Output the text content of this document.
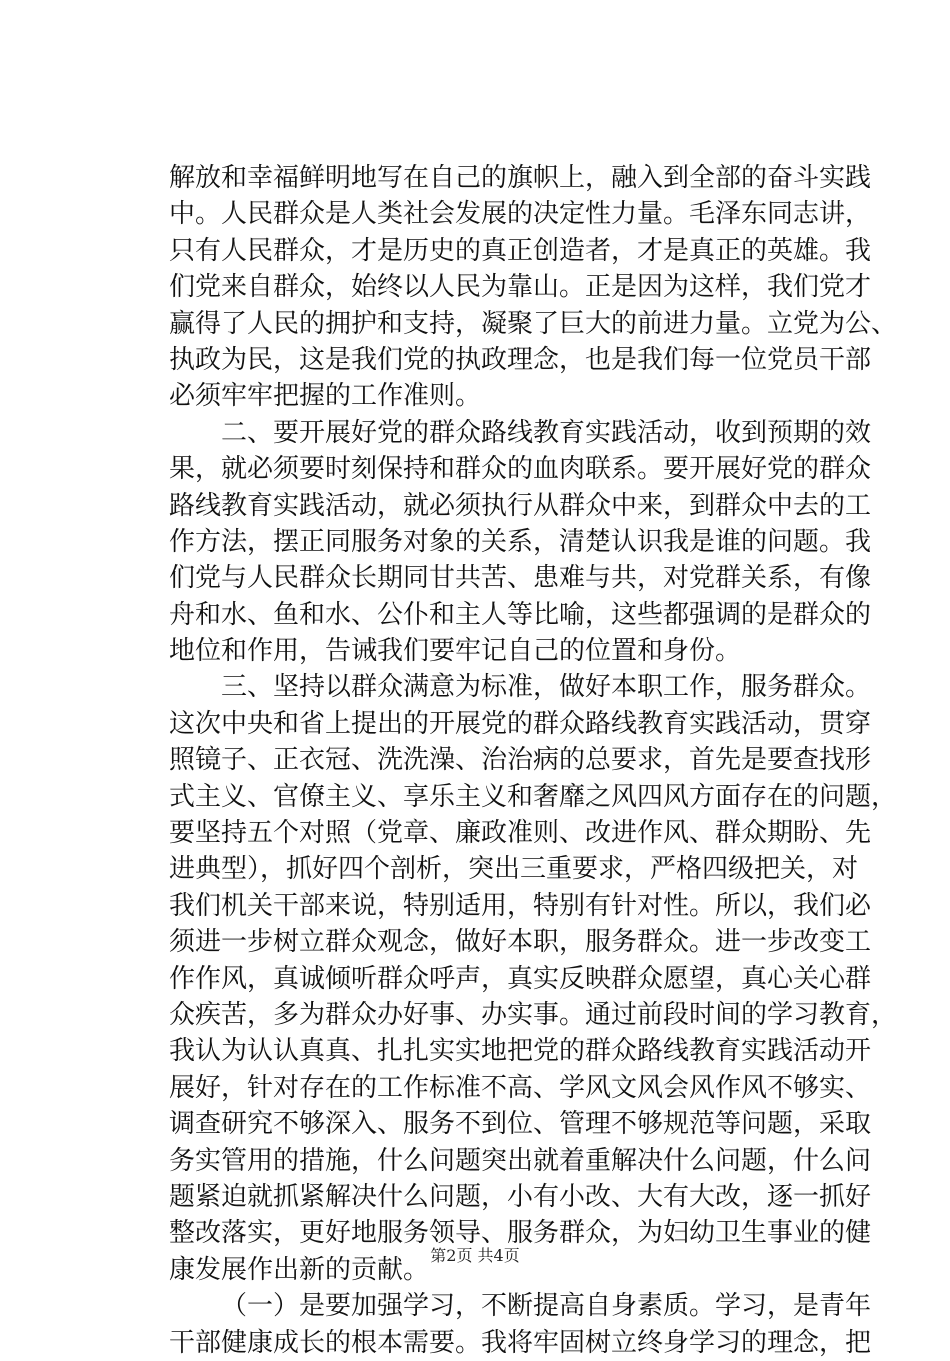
解放和幸福鲜明地写在自己的旗帜上，融入到全部的奋斗实践
中。人民群众是人类社会发展的决定性力量。毛泽东同志讲，
只有人民群众，才是历史的真正创造者，才是真正的英雄。我
们党来自群众，始终以人民为靠山。正是因为这样，我们党才
赢得了人民的拥护和支持，凝聚了巨大的前进力量。立党为公、
执政为民，这是我们党的执政理念，也是我们每一位党员干部
必须牢牢把握的工作准则。
二、要开展好党的群众路线教育实践活动，收到预期的效
果，就必须要时刻保持和群众的血肉联系。要开展好党的群众
路线教育实践活动，就必须执行从群众中来，到群众中去的工
作方法，摆正同服务对象的关系，清楚认识我是谁的问题。我
们党与人民群众长期同甘共苦、患难与共，对党群关系，有像
舟和水、鱼和水、公仆和主人等比喻，这些都强调的是群众的
地位和作用，告诫我们要牢记自己的位置和身份。
三、坚持以群众满意为标准，做好本职工作，服务群众。
这次中央和省上提出的开展党的群众路线教育实践活动，贯穿
照镜子、正衣冠、洗洗澡、治治病的总要求，首先是要查找形
式主义、官僚主义、享乐主义和奢靡之风四风方面存在的问题，
要坚持五个对照（党章、廉政准则、改进作风、群众期盼、先
进典型），抓好四个剖析，突出三重要求，严格四级把关，对
我们机关干部来说，特别适用，特别有针对性。所以，我们必
须进一步树立群众观念，做好本职，服务群众。进一步改变工
作作风，真诚倾听群众呼声，真实反映群众愿望，真心关心群
众疾苦，多为群众办好事、办实事。通过前段时间的学习教育，
我认为认认真真、扎扎实实地把党的群众路线教育实践活动开
展好，针对存在的工作标准不高、学风文风会风作风不够实、
调查研究不够深入、服务不到位、管理不够规范等问题，采取
务实管用的措施，什么问题突出就着重解决什么问题，什么问
题紧迫就抓紧解决什么问题，小有小改、大有大改，逐一抓好
整改落实，更好地服务领导、服务群众，为妇幼卫生事业的健
康发展作出新的贡献。
（一）是要加强学习，不断提高自身素质。学习，是青年
干部健康成长的根本需要。我将牢固树立终身学习的理念，把
第2页 共4页
